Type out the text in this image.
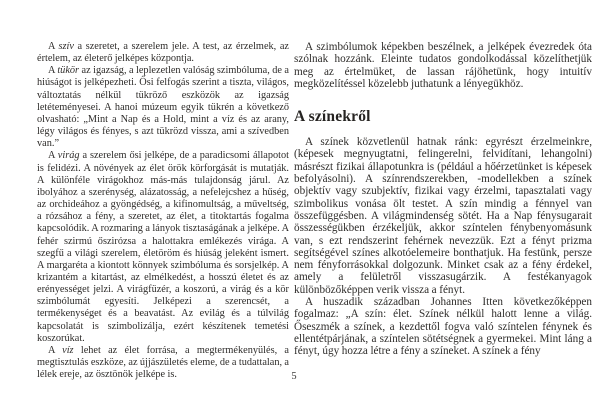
A szív a szeretet, a szerelem jele. A test, az érzelmek, az értelem, az életerő jelképes központja.

A tükör az igazság, a leplezetlen valóság szimbóluma, de a hiúságot is jelképezheti. Ősi felfogás szerint a tiszta, világos, változtatás nélkül tükröző eszközök az igazság letéteményesei. A hanoi múzeum egyik tükrén a következő olvasható: „Mint a Nap és a Hold, mint a víz és az arany, légy világos és fényes, s azt tükrözd vissza, ami a szívedben van.”

A virág a szerelem ősi jelképe, de a paradicsomi állapotot is felidézi. A növények az élet örök körforgását is mutatják. A különféle virágokhoz más-más tulajdonság járul. Az ibolyához a szerénység, alázatosság, a nefelejcshez a hűség, az orchideához a gyöngédség, a kifinomultság, a műveltség, a rózsához a fény, a szeretet, az élet, a titoktartás fogalma kapcsolódik. A rozmaring a lányok tisztaságának a jelképe. A fehér szirmú őszirózsa a halottakra emlékezés virága. A szegfű a világi szerelem, életöröm és hiúság jeleként ismert. A margaréta a kiontott könnyek szimbóluma és sorsjelkép. A krizantém a kitartást, az elmélkedést, a hosszú életet és az erényességet jelzi. A virágfüzér, a koszorú, a virág és a kör szimbólumát egyesíti. Jelképezi a szerencsét, a termékenységet és a beavatást. Az evilág és a túlvilág kapcsolatát is szimbolizálja, ezért készítenek temetési koszorúkat.

A víz lehet az élet forrása, a megtermékenyülés, a megtisztulás eszköze, az újjászületés eleme, de a tudattalan, a lélek ereje, az ösztönök jelképe is.

A szimbólumok képekben beszélnek, a jelképek évezredek óta szólnak hozzánk. Eleinte tudatos gondolkodással közelíthetjük meg az értelmüket, de lassan rájöhetünk, hogy intuitív megközelítéssel közelebb juthatunk a lényegükhöz.

A színekről

A színek közvetlenül hatnak ránk: egyrészt érzelmeinkre, (képesek megnyugtatni, felingerelni, felvidítani, lehangolni) másrészt fizikai állapotunkra is (például a hőérzetünket is képesek befolyásolni). A színrendszerekben, -modellekben a színek objektív vagy szubjektív, fizikai vagy érzelmi, tapasztalati vagy szimbolikus vonása ölt testet. A szín mindig a fénnyel van összefüggésben. A világmindenség sötét. Ha a Nap fénysugarait összességükben érzékeljük, akkor színtelen fénybenyomásunk van, s ezt rendszerint fehérnek nevezzük. Ezt a fényt prizma segítségével színes alkotóelemeire bonthatjuk. Ha festünk, persze nem fényforrásokkal dolgozunk. Minket csak az a fény érdekel, amely a felületről visszasugárzik. A festékanyagok különbözőképpen verik vissza a fényt.

A huszadik században Johannes Itten következőképpen fogalmaz: „A szín: élet. Színek nélkül halott lenne a világ. Őseszmék a színek, a kezdettől fogva való színtelen fénynek és ellentétpárjának, a színtelen sötétségnek a gyermekei. Mint láng a fényt, úgy hozza létre a fény a színeket. A színek a fény

5
